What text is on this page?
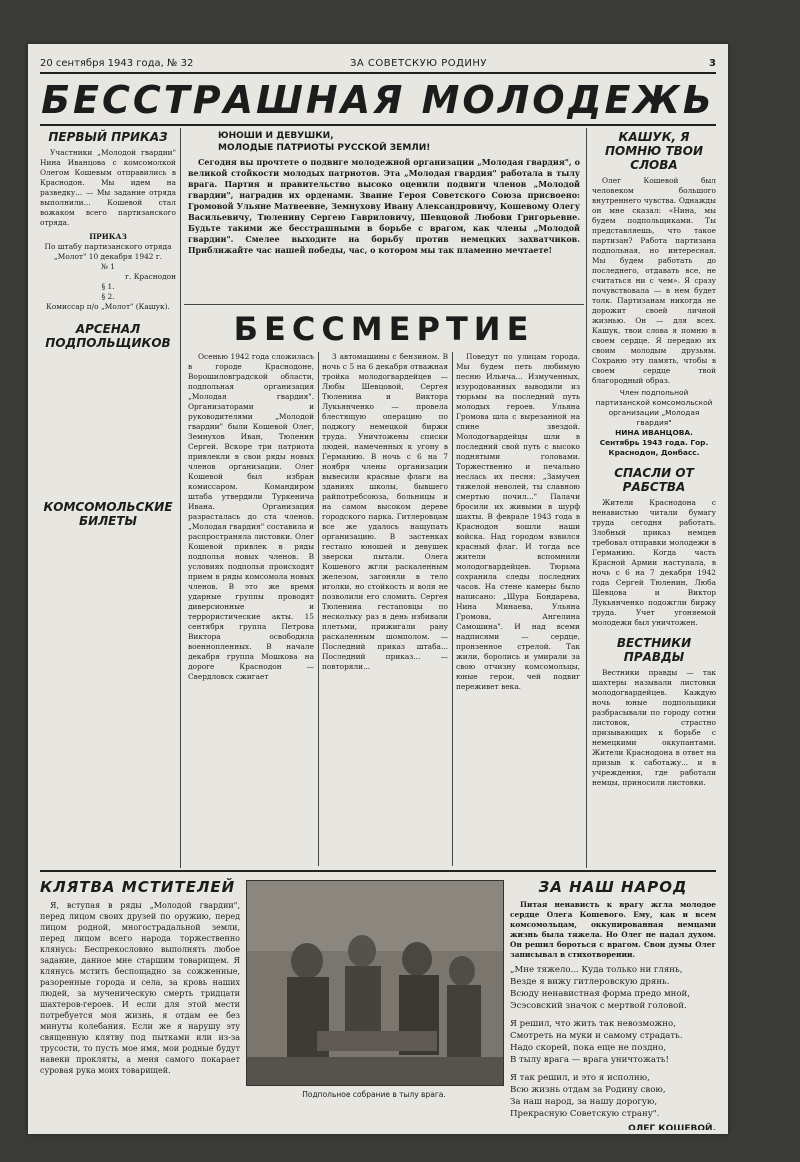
20 сентября 1943 года, № 32	ЗА СОВЕТСКУЮ РОДИНУ	3
БЕССТРАШНАЯ МОЛОДЕЖЬ
ПЕРВЫЙ ПРИКАЗ

Участники „Молодой гвардии" Нина Иванцова с комсомолкой Олегом Кошевым отправились в Краснодон. Мы идем на разведку... — Мы задание отряда выполнили... Кошевой стал вожаком всего партизанского отряда.

ПРИКАЗ
По штабу партизанского отряда „Молот" 10 декабря 1942 г.
№ 1
г. Краснодон
§ 1.
§ 2.
Комиссар п/о „Молот" (Кашук).
АРСЕНАЛ ПОДПОЛЬЩИКОВ
КОМСОМОЛЬСКИЕ БИЛЕТЫ
ЮНОШИ И ДЕВУШКИ,
МОЛОДЫЕ ПАТРИОТЫ РУССКОЙ ЗЕМЛИ!

Сегодня вы прочтете о подвиге молодежной организации „Молодая гвардия", о великой стойкости молодых патриотов. Эта „Молодая гвардия" работала в тылу врага. Партия и правительство высоко оценили подвиги членов „Молодой гвардии", наградив их орденами. Звание Героя Советского Союза присвоено: Громовой Ульяне Матвеевне, Земнухову Ивану Александровичу, Кошевому Олегу Васильевичу, Тюленину Сергею Гавриловичу, Шевцовой Любови Григорьевне. Будьте такими же бесстрашными в борьбе с врагом, как члены „Молодой гвардии". Смелее выходите на борьбу против немецких захватчиков. Приближайте час нашей победы, час, о котором мы так пламенно мечтаете!

БЕССМЕРТИЕ

Осенью 1942 года сложилась в городе Краснодоне, Ворошиловградской области, подпольная организация „Молодая гвардия". Организаторами и руководителями „Молодой гвардии" были Кошевой Олег, Земнухов Иван, Тюленин Сергей. Вскоре три патриота привлекли в свои ряды новых членов организации. Олег Кошевой был избран комиссаром. Командиром штаба утвердили Туркенича Ивана. Организация разрасталась до ста членов. „Молодая гвардия" составила и распространяла листовки. Олег Кошевой привлек в ряды подполья новых членов. В условиях подполья происходят прием в ряды комсомола новых членов. В это же время ударные группы проводят диверсионные и террористические акты. 15 сентября группа Петрова Виктора освободила военнопленных. В начале декабря группа Мошкова на дороге Краснодон — Свердловск сжигает

3 автомашины с бензином. В ночь с 5 на 6 декабря отважная тройка молодогвардейцев — Любы Шевцовой, Сергея Тюленина и Виктора Лукьянченко — провела блестящую операцию по поджогу немецкой биржи труда. Уничтожены списки людей, намеченных к угону в Германию. В ночь с 6 на 7 ноября члены организации вывесили красные флаги на зданиях школы, бывшего райпотребсоюза, больницы и на самом высоком дереве городского парка. Гитлеровцам все же удалось нащупать организацию. В застенках гестапо юношей и девушек зверски пытали. Олега Кошевого жгли раскаленным железом, загоняли в тело иголки, но стойкость и воля не позволили его сломить. Сергея Тюленина гестаповцы по нескольку раз в день избивали плетьми, прижигали рану раскаленным шомполом. — Последний приказ штаба... Последний приказ... — повторяли...

Поведут по улицам города. Мы будем петь любимую песню Ильича... Измученных, изуродованных выводили из тюрьмы на последний путь молодых героев. Ульяна Громова шла с вырезанной на спине звездой. Молодогвардейцы шли в последний свой путь с высоко поднятыми головами. Торжественно и печально неслась их песня: „Замучен тяжелой неволей, ты славною смертью почил..." Палачи бросили их живыми в шурф шахты. В феврале 1943 года в Краснодон вошли наши войска. Над городом взвился красный флаг. И тогда все жители вспомнили молодогвардейцев. Тюрьма сохранила следы последних часов. На стене камеры было написано: „Шура Бондарева, Нина Минаева, Ульяна Громова, Ангелина Самошина". И над всеми надписями — сердце, пронзенное стрелой. Так жили, боролись и умирали за свою отчизну комсомольцы, юные герои, чей подвиг переживет века.

КАШУК, Я ПОМНЮ ТВОИ СЛОВА

Олег Кошевой был человеком большого внутреннего чувства. Однажды он мне сказал: «Нина, мы будем подпольщиками. Ты представляешь, что такое партизан? Работа партизана подпольная, но интересная. Мы будем работать до последнего, отдавать все, не считаться ни с чем». Я сразу почувствовала — в нем будет толк. Партизанам никогда не дорожит своей личной жизнью. Он — для всех. Кашук, твои слова я помню в своем сердце. Я передаю их своим молодым друзьям. Сохраню эту память, чтобы в своем сердце твой благородный образ.

Член подпольной партизанской комсомольской организации „Молодая гвардия"
НИНА ИВАНЦОВА.
Сентябрь 1943 года. Гор. Краснодон, Донбасс.
СПАСЛИ ОТ РАБСТВА

Жители Краснодона с ненавистью читали бумагу труда сегодня работать. Злобный приказ немцев требовал отправки молодежи в Германию. Когда часть Красной Армии наступала, в ночь с 6 на 7 декабря 1942 года Сергей Тюленин, Люба Шевцова и Виктор Лукьянченко подожгли биржу труда. Учет угоняемой молодежи был уничтожен.

ВЕСТНИКИ ПРАВДЫ

Вестники правды — так шахтеры называли листовки молодогвардейцев. Каждую ночь юные подпольщики разбрасывали по городу сотни листовок, страстно призывающих к борьбе с немецкими оккупантами. Жители Краснодона в ответ на призыв к саботажу... и в учреждения, где работали немцы, приносили листовки.

КЛЯТВА МСТИТЕЛЕЙ

Я, вступая в ряды „Молодой гвардии", перед лицом своих друзей по оружию, перед лицом родной, многострадальной земли, перед лицом всего народа торжественно клянусь: Беспрекословно выполнять любое задание, данное мне старшим товарищем. Я клянусь мстить беспощадно за сожженные, разоренные города и села, за кровь наших людей, за мученическую смерть тридцати шахтеров-героев. И если для этой мести потребуется моя жизнь, я отдам ее без минуты колебания. Если же я нарушу эту священную клятву под пытками или из-за трусости, то пусть мое имя, мои родные будут навеки прокляты, а меня самого покарает суровая рука моих товарищей.

Подпольное собрание в тылу врага.
ЗА НАШ НАРОД

Питая ненависть к врагу жгла молодое сердце Олега Кошевого. Ему, как и всем комсомольцам, оккупированная немцами жизнь была тяжела. Но Олег не падал духом. Он решил бороться с врагом. Свои думы Олег записывал в стихотворении.

„Мне тяжело... Куда только ни глянь,
Везде я вижу гитлеровскую дрянь.
Всюду ненавистная форма предо мной,
Эсэсовский значок с мертвой головой.
Я решил, что жить так невозможно,
Смотреть на муки и самому страдать.
Надо скорей, пока еще не поздно,
В тылу врага — врага уничтожать!
Я так решил, и это я исполню,
Всю жизнь отдам за Родину свою,
За наш народ, за нашу дорогую,
Прекрасную Советскую страну".
ОЛЕГ КОШЕВОЙ.
